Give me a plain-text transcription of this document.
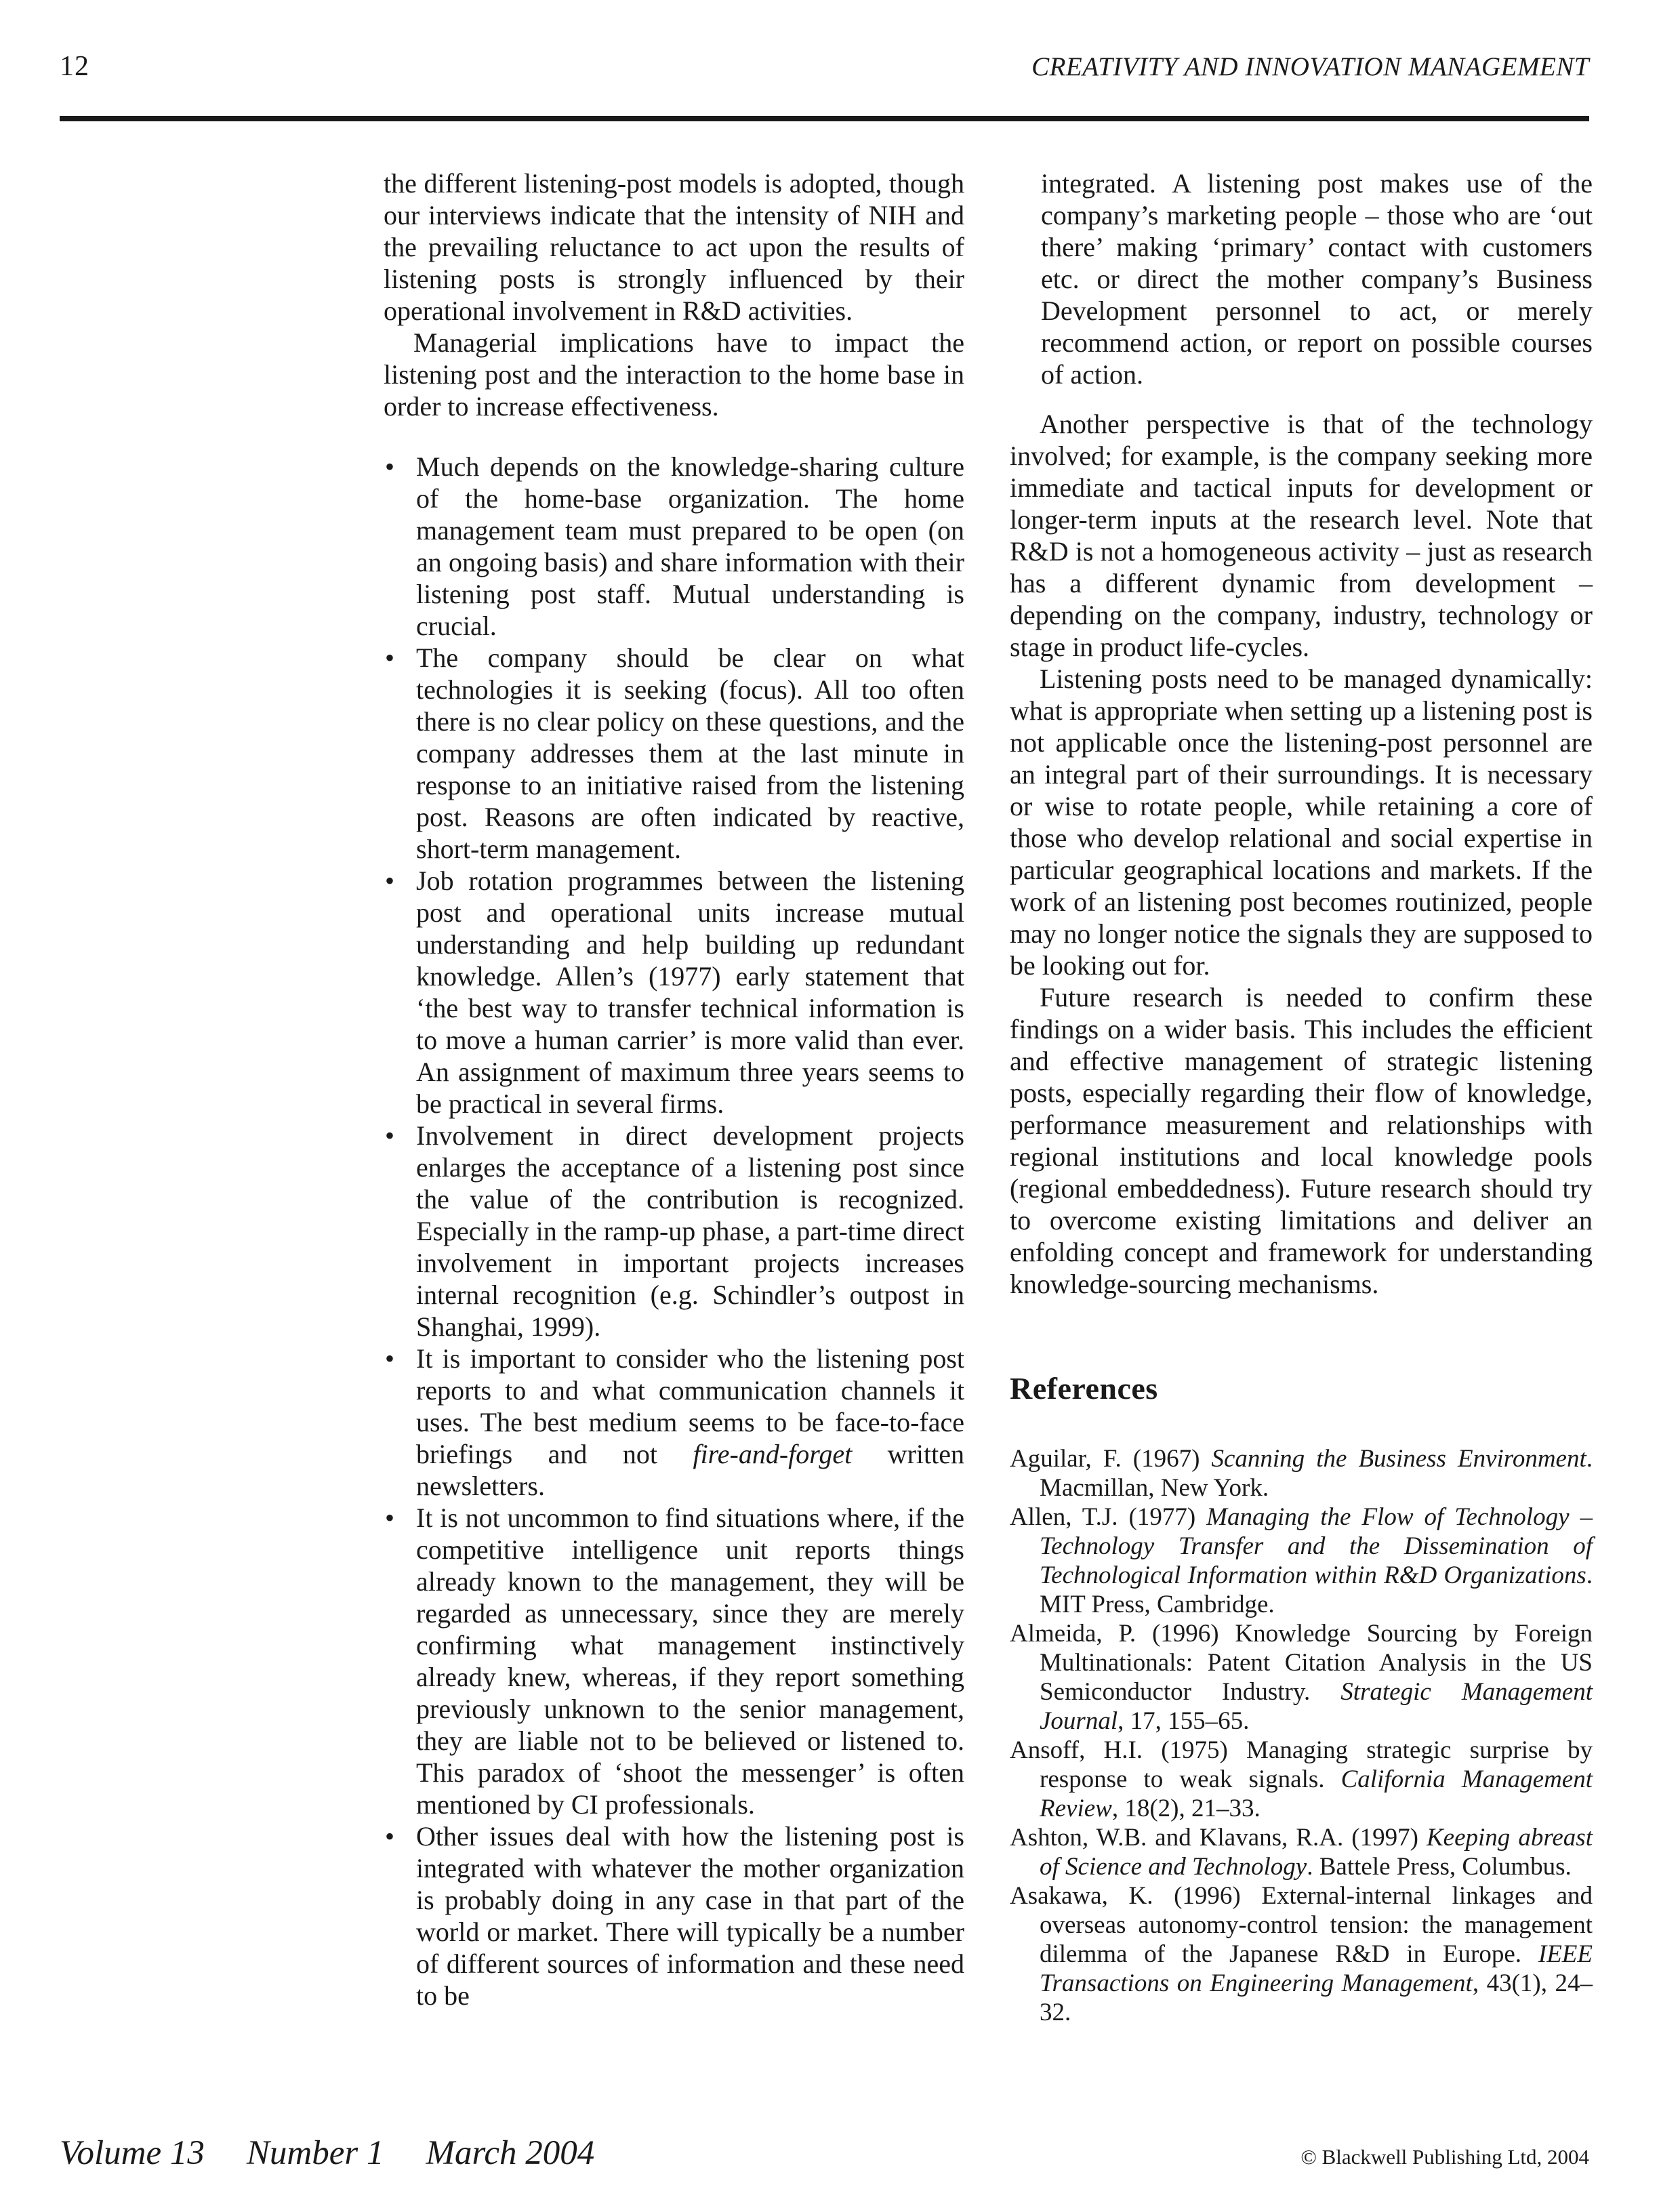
12	CREATIVITY AND INNOVATION MANAGEMENT

the different listening-post models is adopted, though our interviews indicate that the intensity of NIH and the prevailing reluctance to act upon the results of listening posts is strongly influenced by their operational involvement in R&D activities.

Managerial implications have to impact the listening post and the interaction to the home base in order to increase effectiveness.

• Much depends on the knowledge-sharing culture of the home-base organization. The home management team must prepared to be open (on an ongoing basis) and share information with their listening post staff. Mutual understanding is crucial.
• The company should be clear on what technologies it is seeking (focus). All too often there is no clear policy on these questions, and the company addresses them at the last minute in response to an initiative raised from the listening post. Reasons are often indicated by reactive, short-term management.
• Job rotation programmes between the listening post and operational units increase mutual understanding and help building up redundant knowledge. Allen’s (1977) early statement that ‘the best way to transfer technical information is to move a human carrier’ is more valid than ever. An assignment of maximum three years seems to be practical in several firms.
• Involvement in direct development projects enlarges the acceptance of a listening post since the value of the contribution is recognized. Especially in the ramp-up phase, a part-time direct involvement in important projects increases internal recognition (e.g. Schindler’s outpost in Shanghai, 1999).
• It is important to consider who the listening post reports to and what communication channels it uses. The best medium seems to be face-to-face briefings and not fire-and-forget written newsletters.
• It is not uncommon to find situations where, if the competitive intelligence unit reports things already known to the management, they will be regarded as unnecessary, since they are merely confirming what management instinctively already knew, whereas, if they report something previously unknown to the senior management, they are liable not to be believed or listened to. This paradox of ‘shoot the messenger’ is often mentioned by CI professionals.
• Other issues deal with how the listening post is integrated with whatever the mother organization is probably doing in any case in that part of the world or market. There will typically be a number of different sources of information and these need to be

integrated. A listening post makes use of the company’s marketing people – those who are ‘out there’ making ‘primary’ contact with customers etc. or direct the mother company’s Business Development personnel to act, or merely recommend action, or report on possible courses of action.

Another perspective is that of the technology involved; for example, is the company seeking more immediate and tactical inputs for development or longer-term inputs at the research level. Note that R&D is not a homogeneous activity – just as research has a different dynamic from development – depending on the company, industry, technology or stage in product life-cycles.

Listening posts need to be managed dynamically: what is appropriate when setting up a listening post is not applicable once the listening-post personnel are an integral part of their surroundings. It is necessary or wise to rotate people, while retaining a core of those who develop relational and social expertise in particular geographical locations and markets. If the work of an listening post becomes routinized, people may no longer notice the signals they are supposed to be looking out for.

Future research is needed to confirm these findings on a wider basis. This includes the efficient and effective management of strategic listening posts, especially regarding their flow of knowledge, performance measurement and relationships with regional institutions and local knowledge pools (regional embeddedness). Future research should try to overcome existing limitations and deliver an enfolding concept and framework for understanding knowledge-sourcing mechanisms.

References

Aguilar, F. (1967) Scanning the Business Environment. Macmillan, New York.

Allen, T.J. (1977) Managing the Flow of Technology – Technology Transfer and the Dissemination of Technological Information within R&D Organizations. MIT Press, Cambridge.

Almeida, P. (1996) Knowledge Sourcing by Foreign Multinationals: Patent Citation Analysis in the US Semiconductor Industry. Strategic Management Journal, 17, 155–65.

Ansoff, H.I. (1975) Managing strategic surprise by response to weak signals. California Management Review, 18(2), 21–33.

Ashton, W.B. and Klavans, R.A. (1997) Keeping abreast of Science and Technology. Battele Press, Columbus.

Asakawa, K. (1996) External-internal linkages and overseas autonomy-control tension: the management dilemma of the Japanese R&D in Europe. IEEE Transactions on Engineering Management, 43(1), 24–32.

Volume 13 Number 1 March 2004	© Blackwell Publishing Ltd, 2004
